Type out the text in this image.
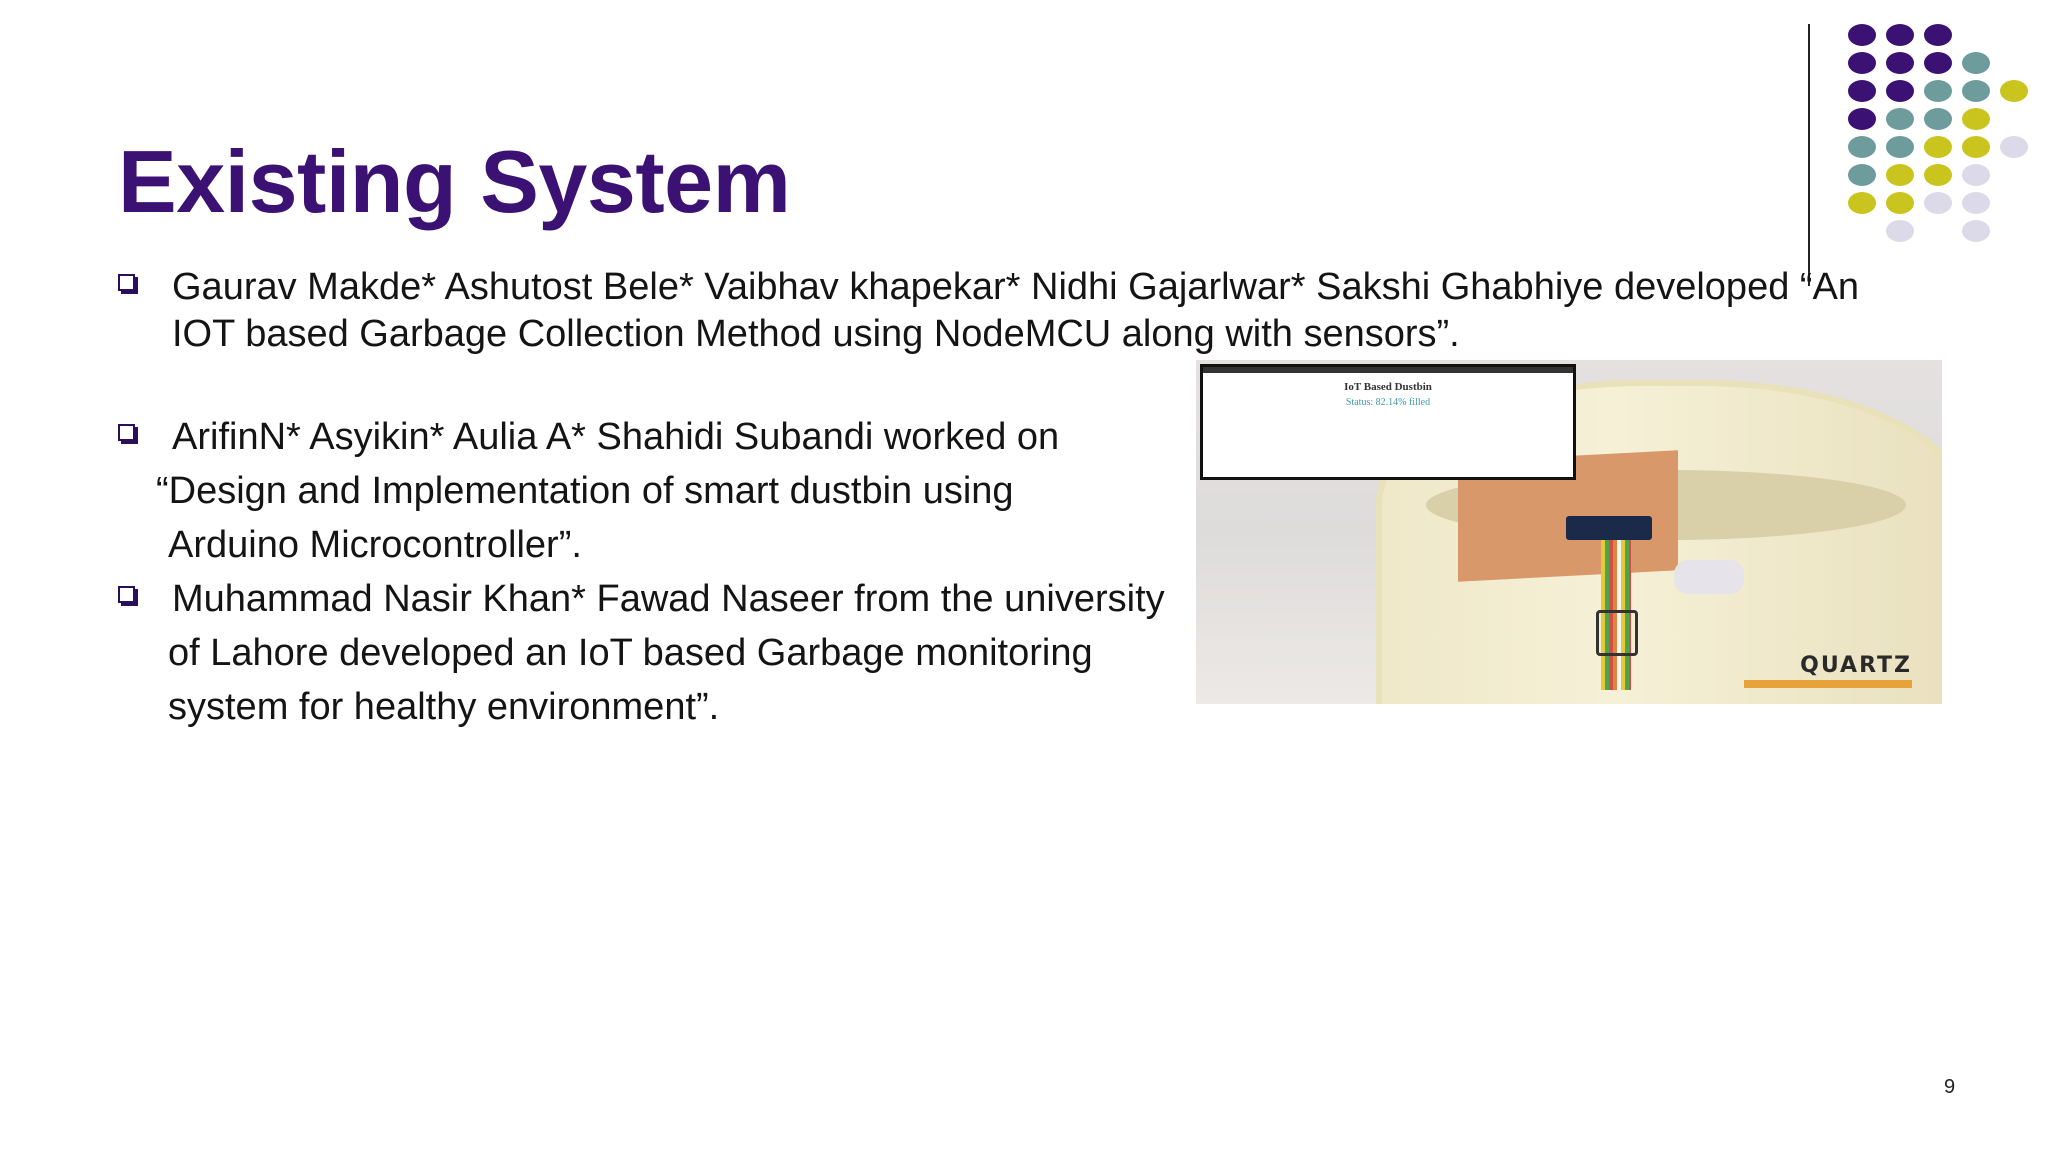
Existing System
Gaurav Makde* Ashutost Bele* Vaibhav khapekar* Nidhi Gajarlwar* Sakshi Ghabhiye developed “An
IOT based Garbage Collection Method using NodeMCU along with sensors”.
ArifinN* Asyikin* Aulia A* Shahidi Subandi worked on
“Design and Implementation of smart dustbin using
Arduino Microcontroller”.
Muhammad Nasir Khan* Fawad Naseer from the university
of Lahore developed an IoT based Garbage monitoring
system for healthy environment”.
IoT Based Dustbin
Status: 82.14% filled
QUARTZ
9
